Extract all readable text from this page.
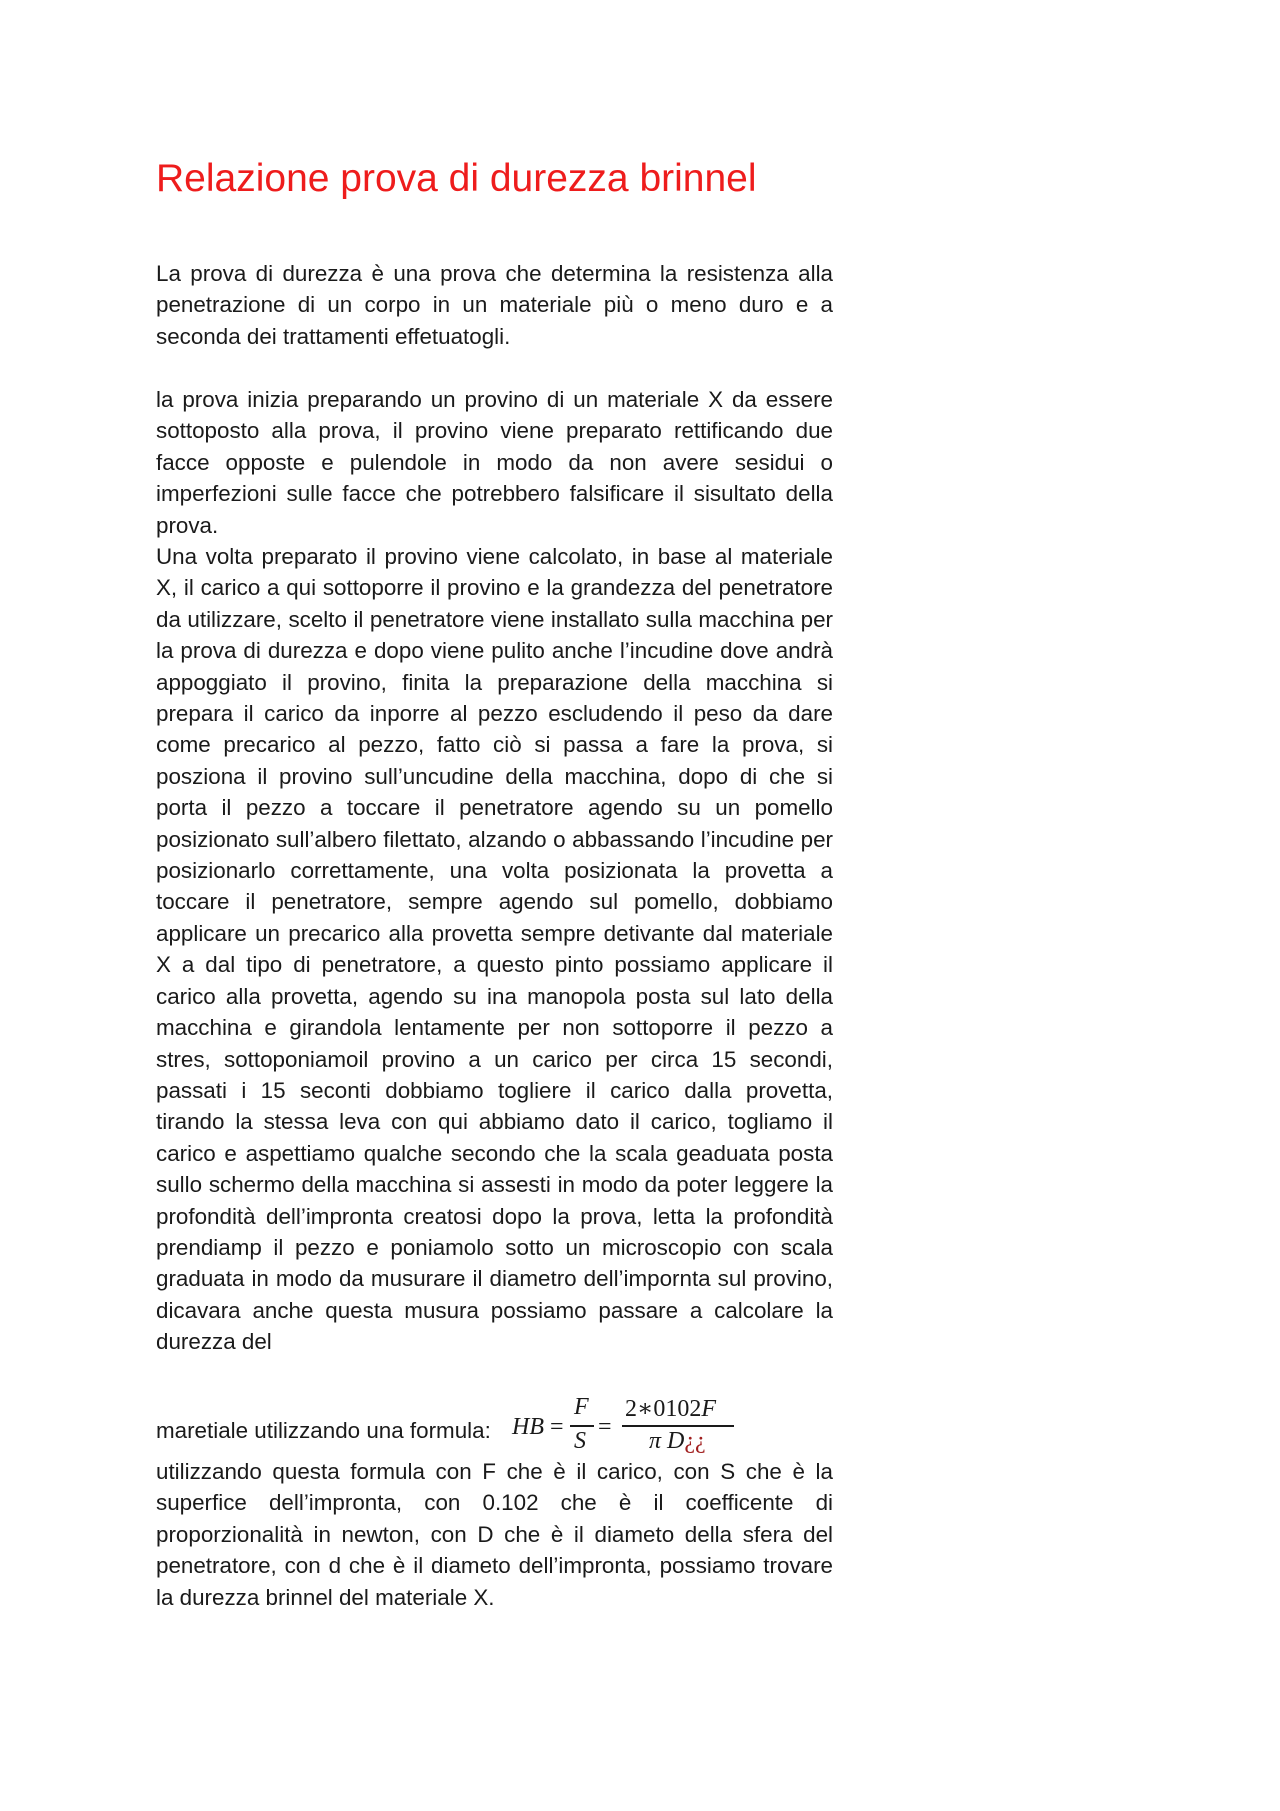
Relazione prova di durezza brinnel

La prova di durezza è una prova che determina la resistenza alla penetrazione di un corpo in un materiale più o meno duro e a seconda dei trattamenti effetuatogli.

la prova inizia preparando un provino di un materiale X da essere sottoposto alla prova, il provino viene preparato rettificando due facce opposte e pulendole in modo da non avere sesidui o imperfezioni sulle facce che potrebbero falsificare il sisultato della prova.

Una volta preparato il provino viene calcolato, in base al materiale X, il carico a qui sottoporre il provino e la grandezza del penetratore da utilizzare, scelto il penetratore viene installato sulla macchina per la prova di durezza e dopo viene pulito anche l’incudine dove andrà appoggiato il provino, finita la preparazione della macchina si prepara il carico da inporre al pezzo escludendo il peso da dare come precarico al pezzo, fatto ciò si passa a fare la prova, si posziona il provino sull’uncudine della macchina, dopo di che si porta il pezzo a toccare il penetratore agendo su un pomello posizionato sull’albero filettato, alzando o abbassando l’incudine per posizionarlo correttamente, una volta posizionata la provetta a toccare il penetratore, sempre agendo sul pomello, dobbiamo applicare un precarico alla provetta sempre detivante dal materiale X a dal tipo di penetratore, a questo pinto possiamo applicare il carico alla provetta, agendo su ina manopola posta sul lato della macchina e girandola lentamente per non sottoporre il pezzo a stres, sottoponiamoil provino a un carico per circa 15 secondi, passati i 15 seconti dobbiamo togliere il carico dalla provetta, tirando la stessa leva con qui abbiamo dato il carico, togliamo il carico e aspettiamo qualche secondo che la scala geaduata posta sullo schermo della macchina si assesti in modo da poter leggere la profondità dell’impronta creatosi dopo la prova, letta la profondità prendiamp il pezzo e poniamolo sotto un microscopio con scala graduata in modo da musurare il diametro dell’impornta sul provino, dicavara anche questa musura possiamo passare a calcolare la durezza del

maretiale utilizzando una formula: HB =
F
S
=
2∗0102F
π D¿¿

utilizzando questa formula con F che è il carico, con S che è la superfice dell’impronta, con 0.102 che è il coefficente di proporzionalità in newton, con D che è il diameto della sfera del penetratore, con d che è il diameto dell’impronta, possiamo trovare la durezza brinnel del materiale X.
